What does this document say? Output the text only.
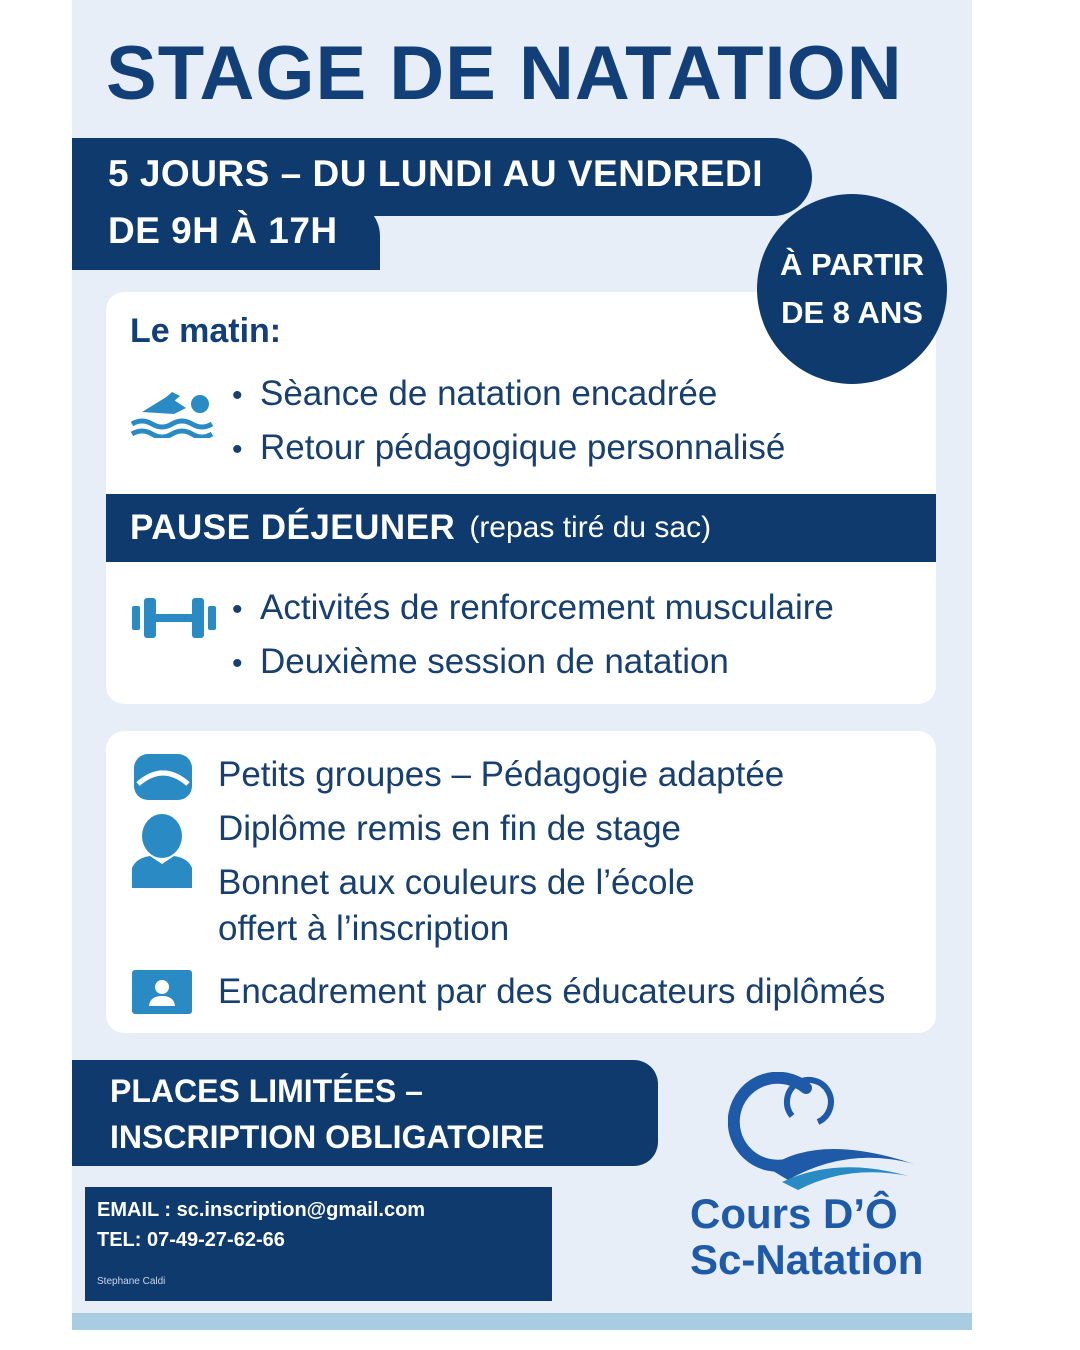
STAGE DE NATATION
5 JOURS – DU LUNDI AU VENDREDI
DE 9H À 17H
À PARTIR
DE 8 ANS
Le matin:
• Sèance de natation encadrée
• Retour pédagogique personnalisé
PAUSE DÉJEUNER (repas tiré du sac)
• Activités de renforcement musculaire
• Deuxième session de natation
Petits groupes – Pédagogie adaptée
Diplôme remis en fin de stage
Bonnet aux couleurs de l’école
offert à l’inscription
Encadrement par des éducateurs diplômés
PLACES LIMITÉES –
INSCRIPTION OBLIGATOIRE
EMAIL : sc.inscription@gmail.com
TEL: 07-49-27-62-66
Stephane Caldi
Cours D’Ô
Sc-Natation
